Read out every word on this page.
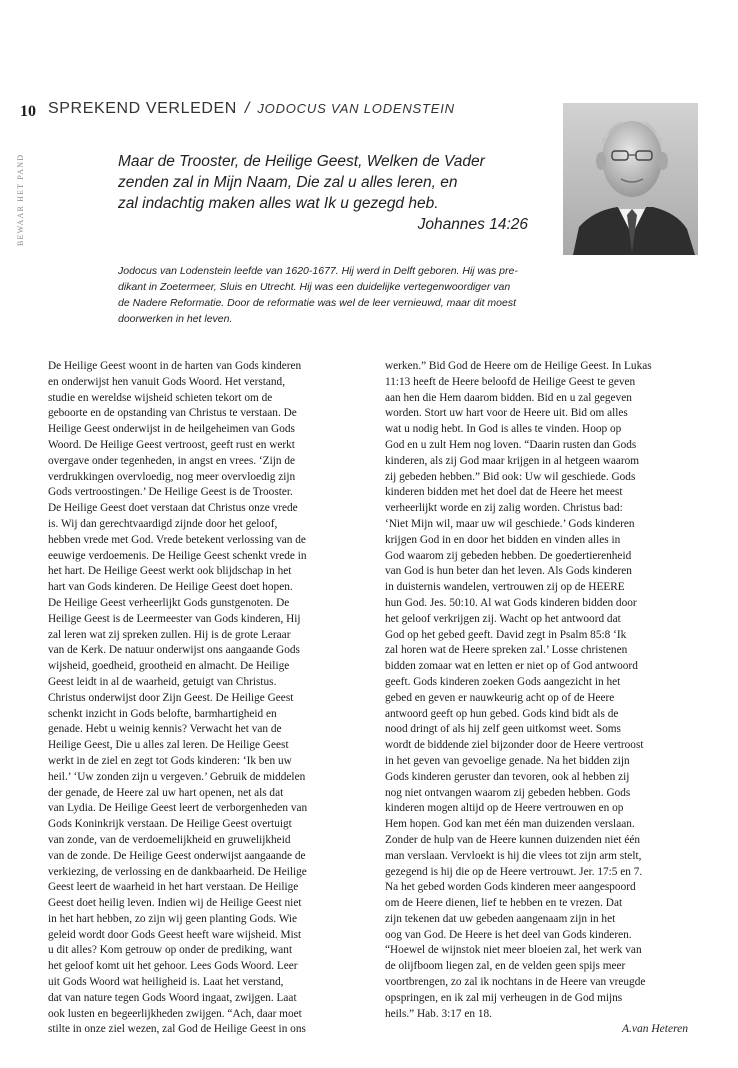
10
BEWAAR HET PAND
SPREKEND VERLEDEN / JODOCUS VAN LODENSTEIN
Maar de Trooster, de Heilige Geest, Welken de Vader
zenden zal in Mijn Naam, Die zal u alles leren, en
zal indachtig maken alles wat Ik u gezegd heb.
Johannes 14:26
Jodocus van Lodenstein leefde van 1620-1677. Hij werd in Delft geboren. Hij was pre-
dikant in Zoetermeer, Sluis en Utrecht. Hij was een duidelijke vertegenwoordiger van
de Nadere Reformatie. Door de reformatie was wel de leer vernieuwd, maar dit moest
doorwerken in het leven.
De Heilige Geest woont in de harten van Gods kinderen
en onderwijst hen vanuit Gods Woord. Het verstand,
studie en wereldse wijsheid schieten tekort om de
geboorte en de opstanding van Christus te verstaan. De
Heilige Geest onderwijst in de heilgeheimen van Gods
Woord. De Heilige Geest vertroost, geeft rust en werkt
overgave onder tegenheden, in angst en vrees. ‘Zijn de
verdrukkingen overvloedig, nog meer overvloedig zijn
Gods vertroostingen.’ De Heilige Geest is de Trooster.
De Heilige Geest doet verstaan dat Christus onze vrede
is. Wij dan gerechtvaardigd zijnde door het geloof,
hebben vrede met God. Vrede betekent verlossing van de
eeuwige verdoemenis. De Heilige Geest schenkt vrede in
het hart. De Heilige Geest werkt ook blijdschap in het
hart van Gods kinderen. De Heilige Geest doet hopen.
De Heilige Geest verheerlijkt Gods gunstgenoten. De
Heilige Geest is de Leermeester van Gods kinderen, Hij
zal leren wat zij spreken zullen. Hij is de grote Leraar
van de Kerk. De natuur onderwijst ons aangaande Gods
wijsheid, goedheid, grootheid en almacht. De Heilige
Geest leidt in al de waarheid, getuigt van Christus.
Christus onderwijst door Zijn Geest. De Heilige Geest
schenkt inzicht in Gods belofte, barmhartigheid en
genade. Hebt u weinig kennis? Verwacht het van de
Heilige Geest, Die u alles zal leren. De Heilige Geest
werkt in de ziel en zegt tot Gods kinderen: ‘Ik ben uw
heil.’ ‘Uw zonden zijn u vergeven.’ Gebruik de middelen
der genade, de Heere zal uw hart openen, net als dat
van Lydia. De Heilige Geest leert de verborgenheden van
Gods Koninkrijk verstaan. De Heilige Geest overtuigt
van zonde, van de verdoemelijkheid en gruwelijkheid
van de zonde. De Heilige Geest onderwijst aangaande de
verkiezing, de verlossing en de dankbaarheid. De Heilige
Geest leert de waarheid in het hart verstaan. De Heilige
Geest doet heilig leven. Indien wij de Heilige Geest niet
in het hart hebben, zo zijn wij geen planting Gods. Wie
geleid wordt door Gods Geest heeft ware wijsheid. Mist
u dit alles? Kom getrouw op onder de prediking, want
het geloof komt uit het gehoor. Lees Gods Woord. Leer
uit Gods Woord wat heiligheid is. Laat het verstand,
dat van nature tegen Gods Woord ingaat, zwijgen. Laat
ook lusten en begeerlijkheden zwijgen. “Ach, daar moet
stilte in onze ziel wezen, zal God de Heilige Geest in ons
werken.” Bid God de Heere om de Heilige Geest. In Lukas
11:13 heeft de Heere beloofd de Heilige Geest te geven
aan hen die Hem daarom bidden. Bid en u zal gegeven
worden. Stort uw hart voor de Heere uit. Bid om alles
wat u nodig hebt. In God is alles te vinden. Hoop op
God en u zult Hem nog loven. “Daarin rusten dan Gods
kinderen, als zij God maar krijgen in al hetgeen waarom
zij gebeden hebben.” Bid ook: Uw wil geschiede. Gods
kinderen bidden met het doel dat de Heere het meest
verheerlijkt worde en zij zalig worden. Christus bad:
‘Niet Mijn wil, maar uw wil geschiede.’ Gods kinderen
krijgen God in en door het bidden en vinden alles in
God waarom zij gebeden hebben. De goedertierenheid
van God is hun beter dan het leven. Als Gods kinderen
in duisternis wandelen, vertrouwen zij op de HEERE
hun God. Jes. 50:10. Al wat Gods kinderen bidden door
het geloof verkrijgen zij. Wacht op het antwoord dat
God op het gebed geeft. David zegt in Psalm 85:8 ‘Ik
zal horen wat de Heere spreken zal.’ Losse christenen
bidden zomaar wat en letten er niet op of God antwoord
geeft. Gods kinderen zoeken Gods aangezicht in het
gebed en geven er nauwkeurig acht op of de Heere
antwoord geeft op hun gebed. Gods kind bidt als de
nood dringt of als hij zelf geen uitkomst weet. Soms
wordt de biddende ziel bijzonder door de Heere vertroost
in het geven van gevoelige genade. Na het bidden zijn
Gods kinderen geruster dan tevoren, ook al hebben zij
nog niet ontvangen waarom zij gebeden hebben. Gods
kinderen mogen altijd op de Heere vertrouwen en op
Hem hopen. God kan met één man duizenden verslaan.
Zonder de hulp van de Heere kunnen duizenden niet één
man verslaan. Vervloekt is hij die vlees tot zijn arm stelt,
gezegend is hij die op de Heere vertrouwt. Jer. 17:5 en 7.
Na het gebed worden Gods kinderen meer aangespoord
om de Heere dienen, lief te hebben en te vrezen. Dat
zijn tekenen dat uw gebeden aangenaam zijn in het
oog van God. De Heere is het deel van Gods kinderen.
“Hoewel de wijnstok niet meer bloeien zal, het werk van
de olijfboom liegen zal, en de velden geen spijs meer
voortbrengen, zo zal ik nochtans in de Heere van vreugde
opspringen, en ik zal mij verheugen in de God mijns
heils.” Hab. 3:17 en 18.
A.van Heteren
